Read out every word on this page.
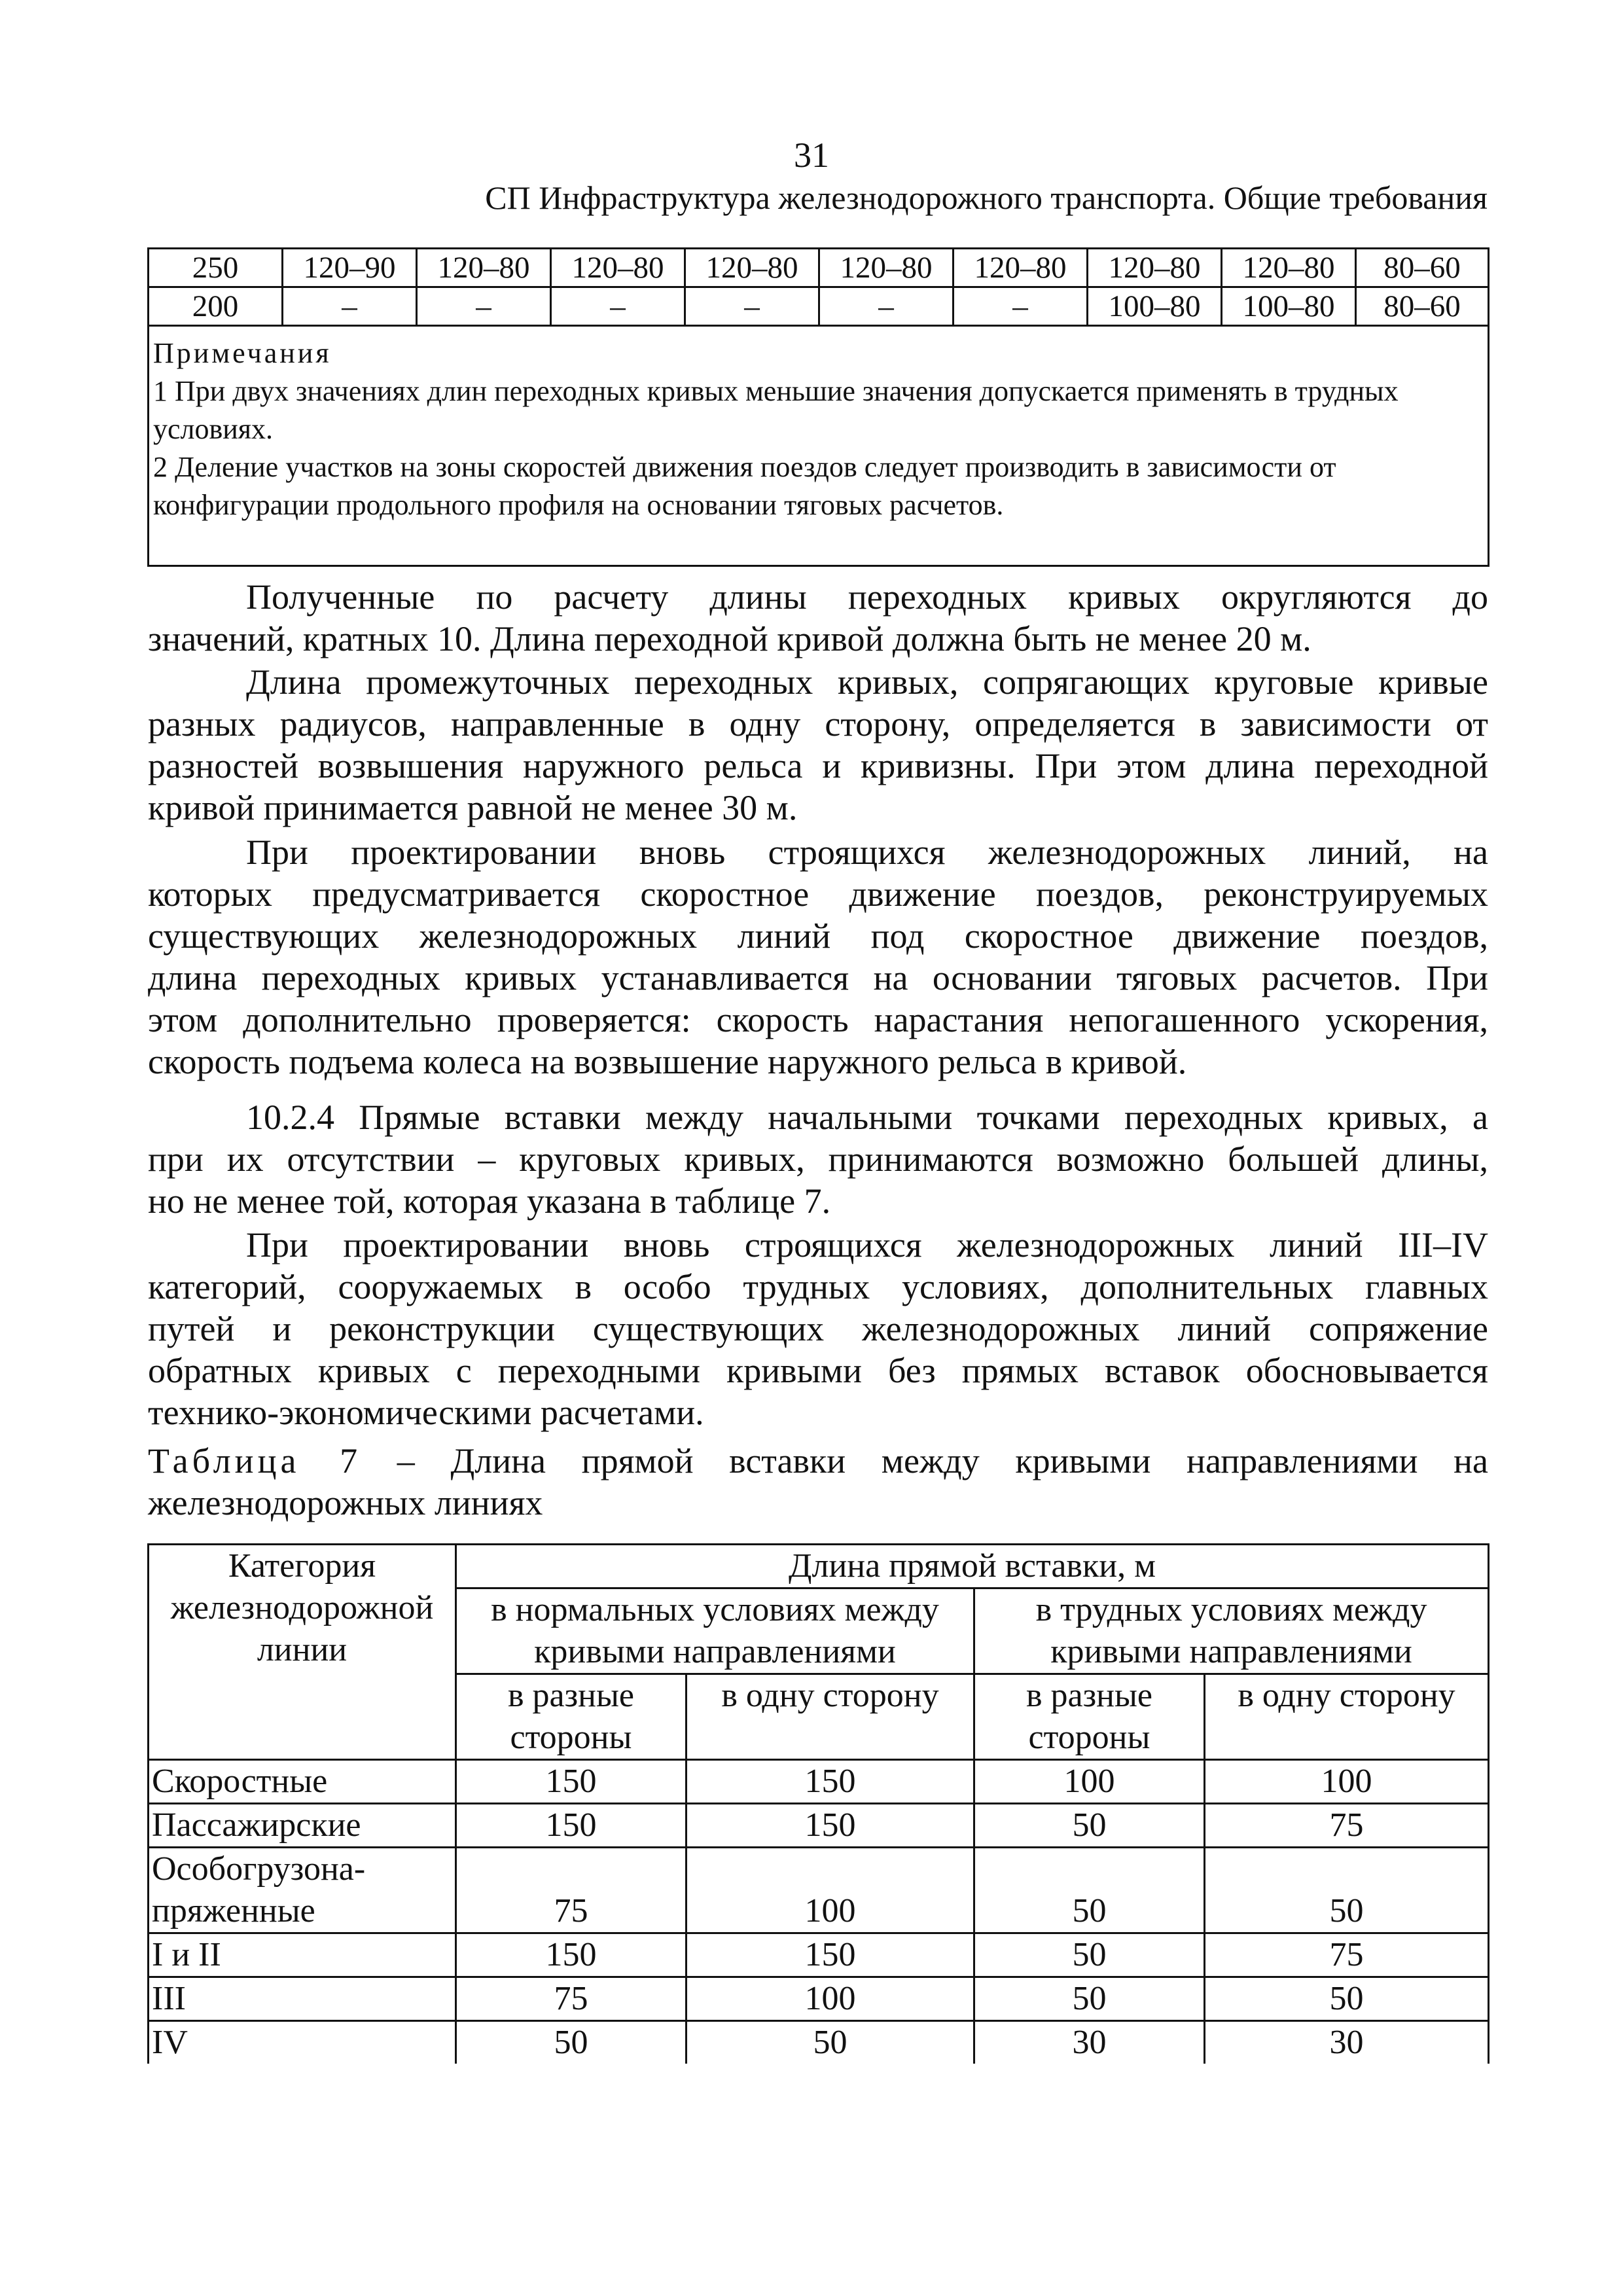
31
СП Инфраструктура железнодорожного транспорта. Общие требования
250	120–90	120–80	120–80	120–80	120–80	120–80	120–80	120–80	80–60
200	–	–	–	–	–	–	100–80	100–80	80–60

Примечания
1 При двух значениях длин переходных кривых меньшие значения допускается применять в трудных условиях.
2 Деление участков на зоны скоростей движения поездов следует производить в зависимости от конфигурации продольного профиля на основании тяговых расчетов.									
Полученные по расчету длины переходных кривых округляются до
значений, кратных 10. Длина переходной кривой должна быть не менее 20 м.
Длина промежуточных переходных кривых, сопрягающих круговые кривые
разных радиусов, направленные в одну сторону, определяется в зависимости от
разностей возвышения наружного рельса и кривизны. При этом длина переходной
кривой принимается равной не менее 30 м.
При проектировании вновь строящихся железнодорожных линий, на
которых предусматривается скоростное движение поездов, реконструируемых
существующих железнодорожных линий под скоростное движение поездов,
длина переходных кривых устанавливается на основании тяговых расчетов. При
этом дополнительно проверяется: скорость нарастания непогашенного ускорения,
скорость подъема колеса на возвышение наружного рельса в кривой.
10.2.4 Прямые вставки между начальными точками переходных кривых, а
при их отсутствии – круговых кривых, принимаются возможно большей длины,
но не менее той, которая указана в таблице 7.
При проектировании вновь строящихся железнодорожных линий III–IV
категорий, сооружаемых в особо трудных условиях, дополнительных главных
путей и реконструкции существующих железнодорожных линий сопряжение
обратных кривых с переходными кривыми без прямых вставок обосновывается
технико-экономическими расчетами.
Таблица 7 – Длина прямой вставки между кривыми направлениями на
железнодорожных линиях
Категория железнодорожной линии	Длина прямой вставки, м			
	в нормальных условиях между кривыми направлениями		в трудных условиях между кривыми направлениями	
	в разные стороны	в одну сторону	в разные стороны	в одну сторону
Скоростные	150	150	100	100
Пассажирские	150	150	50	75
Особогрузона-пряженные	75	100	50	50
I и II	150	150	50	75
III	75	100	50	50
IV	50	50	30	30
